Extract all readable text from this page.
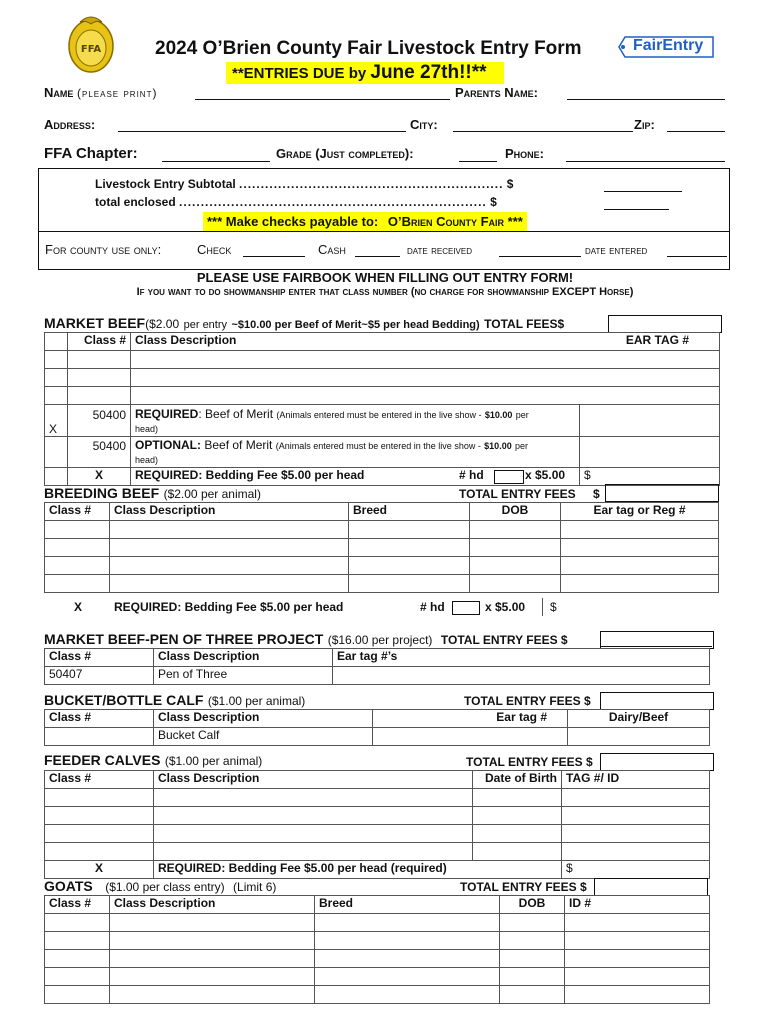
FFA	2024 O’Brien County Fair Livestock Entry Form	FairEntry
**ENTRIES DUE by June 27th!!**
Name (please print)	Parents Name:
Address:	City:	Zip:
FFA Chapter:	Grade (Just completed):	Phone:
Livestock Entry Subtotal ............................................................. $
total enclosed ....................................................................... $
*** Make checks payable to: O’Brien County Fair ***
For county use only:	Check	Cash	date received	date entered
PLEASE USE FAIRBOOK WHEN FILLING OUT ENTRY FORM!
If you want to do showmanship enter that class number (no charge for showmanship EXCEPT Horse)
MARKET BEEF($2.00 per entry ~$10.00 per Beef of Merit~$5 per head Bedding) TOTAL FEES$
	Class #	Class Description	EAR TAG #

X	50400	REQUIRED: Beef of Merit (Animals entered must be entered in the live show - $10.00 per
head)	
	50400	OPTIONAL: Beef of Merit (Animals entered must be entered in the live show - $10.00 per
head)	
	X	REQUIRED: Bedding Fee $5.00 per head # hd x $5.00	$
BREEDING BEEF ($2.00 per animal)	TOTAL ENTRY FEES $
Class #	Class Description	Breed	DOB	Ear tag or Reg #

X	REQUIRED: Bedding Fee $5.00 per head	# hd	x $5.00 $
MARKET BEEF-PEN OF THREE PROJECT ($16.00 per project) TOTAL ENTRY FEES $
Class #	Class Description	Ear tag #’s
50407	Pen of Three	
BUCKET/BOTTLE CALF ($1.00 per animal)	TOTAL ENTRY FEES $
Class #	Class Description	Ear tag #	Dairy/Beef
	Bucket Calf		
FEEDER CALVES ($1.00 per animal)	TOTAL ENTRY FEES $
Class #	Class Description	Date of Birth	TAG #/ ID

X	REQUIRED: Bedding Fee $5.00 per head (required)		$
GOATS ($1.00 per class entry) (Limit 6)	TOTAL ENTRY FEES $
Class #	Class Description	Breed	DOB	ID #
